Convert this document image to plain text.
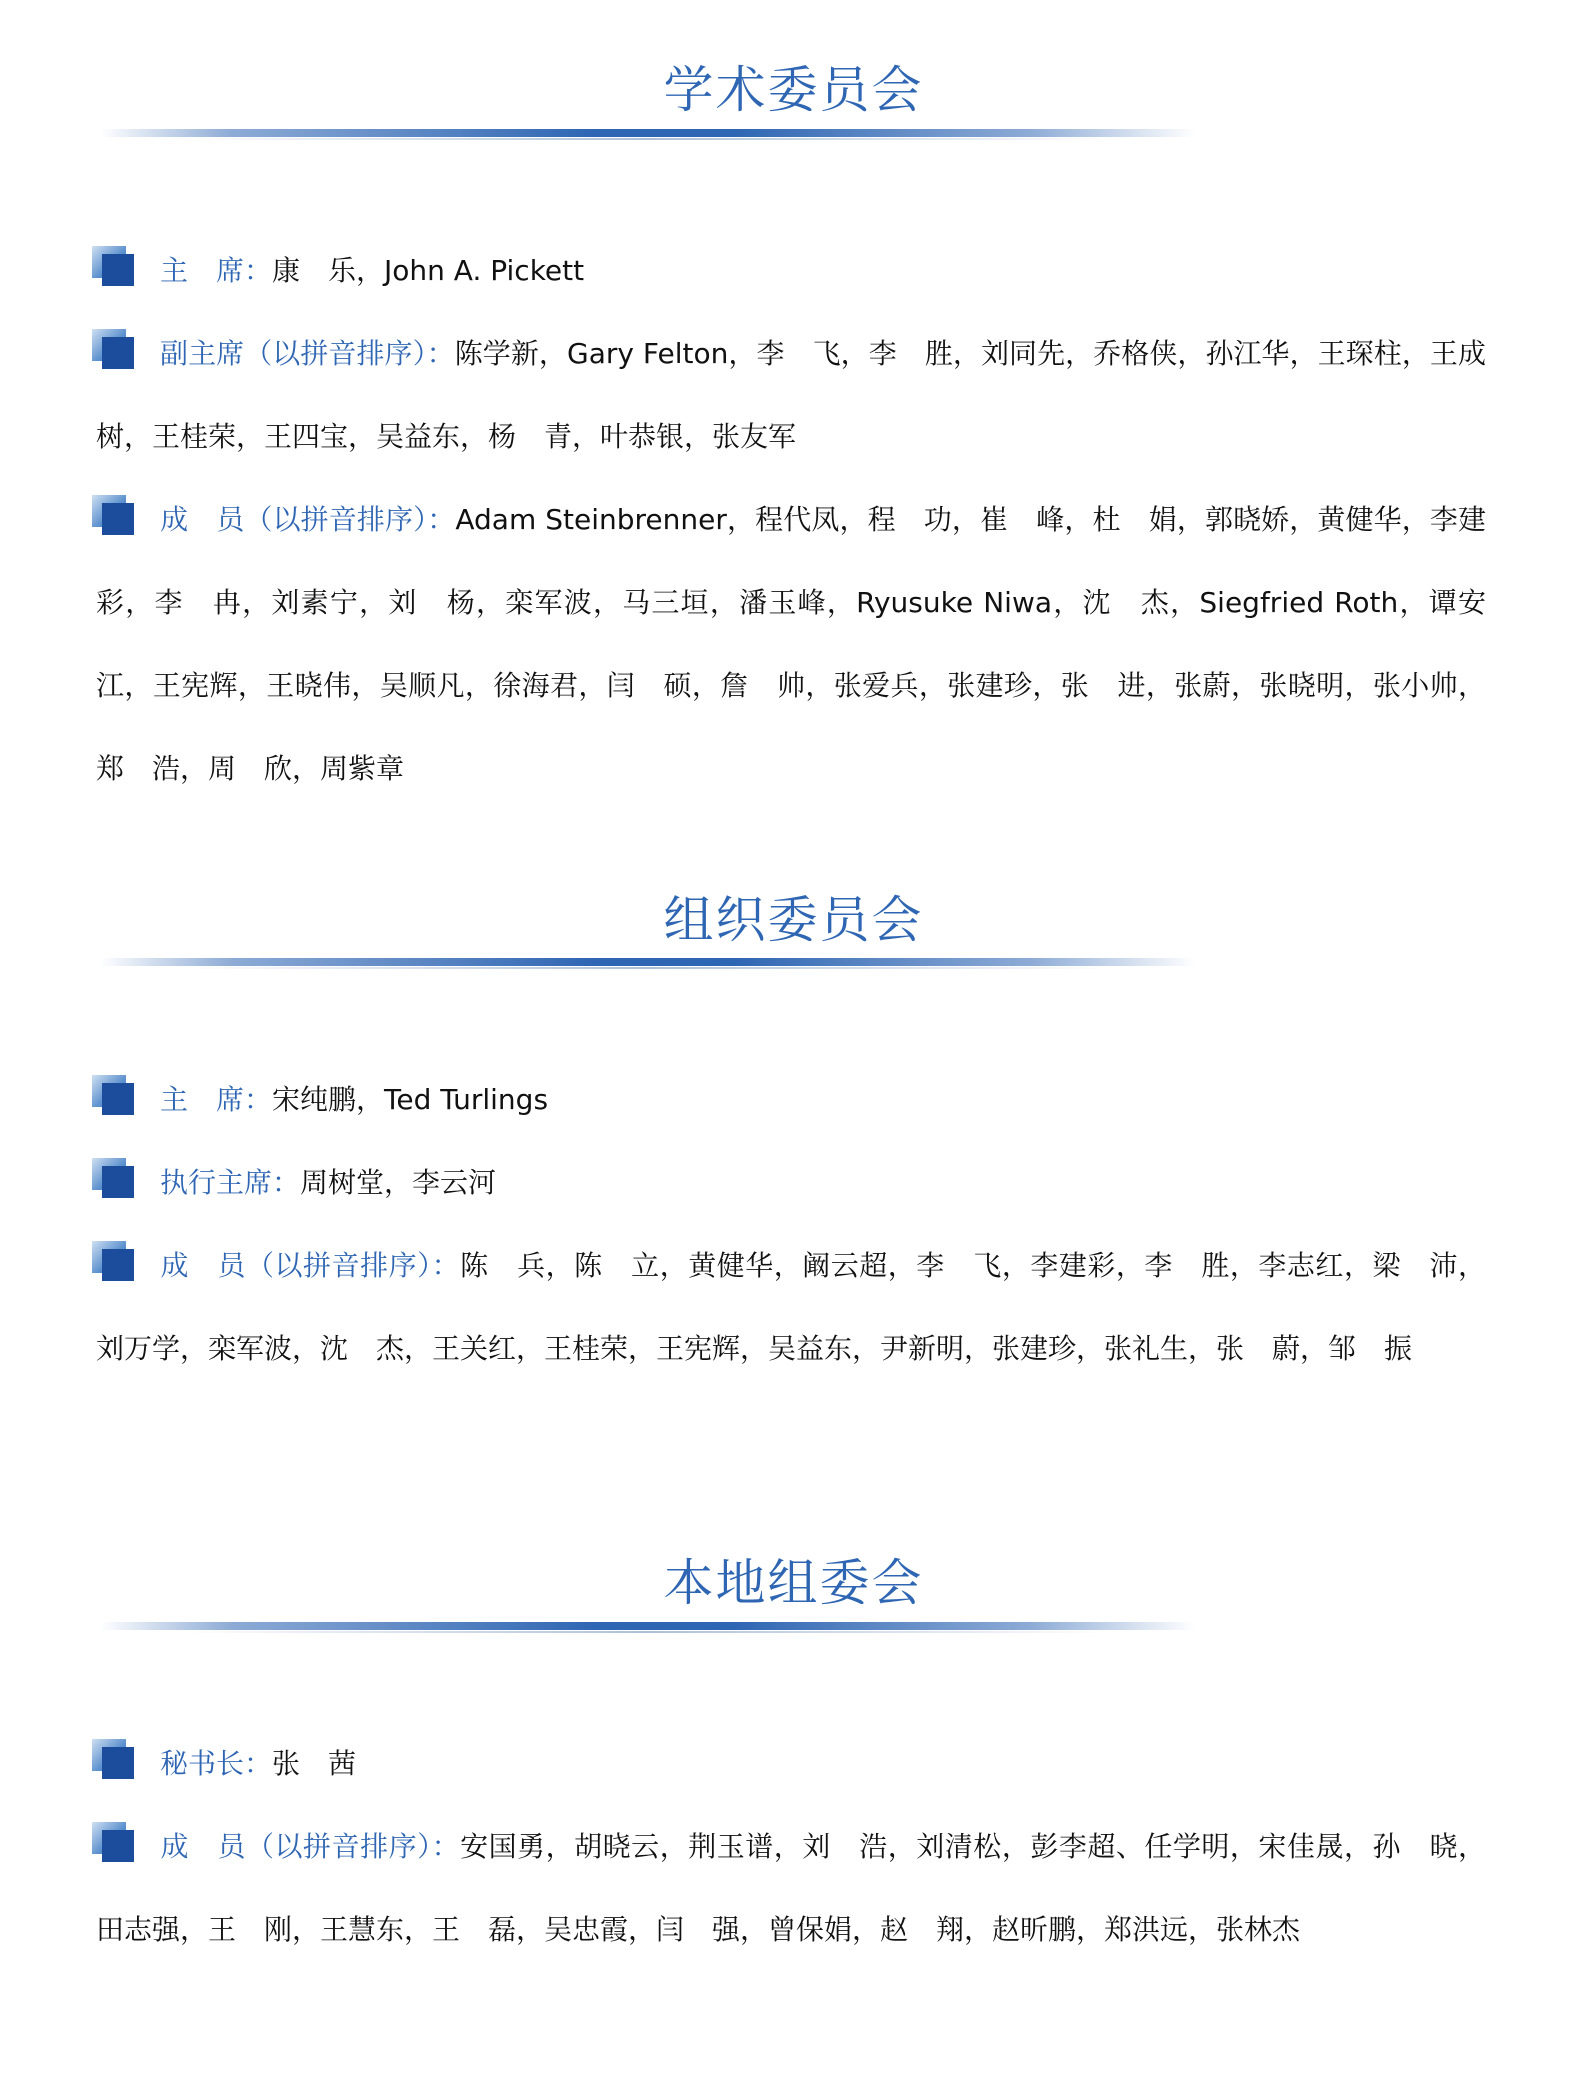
学术委员会
主　席：康　乐，John A. Pickett
副主席（以拼音排序）：陈学新，Gary Felton，李　飞，李　胜，刘同先，乔格侠，孙江华，王琛柱，王成树，王桂荣，王四宝，吴益东，杨　青，叶恭银，张友军
成　员（以拼音排序）：Adam Steinbrenner，程代凤，程　功，崔　峰，杜　娟，郭晓娇，黄健华，李建彩，李　冉，刘素宁，刘　杨，栾军波，马三垣，潘玉峰，Ryusuke Niwa，沈　杰，Siegfried Roth，谭安江，王宪辉，王晓伟，吴顺凡，徐海君，闫　硕，詹　帅，张爱兵，张建珍，张　进，张蔚，张晓明，张小帅，郑　浩，周　欣，周紫章
组织委员会
主　席：宋纯鹏，Ted Turlings
执行主席：周树堂，李云河
成　员（以拼音排序）：陈　兵，陈　立，黄健华，阚云超，李　飞，李建彩，李　胜，李志红，梁　沛，刘万学，栾军波，沈　杰，王关红，王桂荣，王宪辉，吴益东，尹新明，张建珍，张礼生，张　蔚，邹　振
本地组委会
秘书长：张　茜
成　员（以拼音排序）：安国勇，胡晓云，荆玉谱，刘　浩，刘清松，彭李超、任学明，宋佳晟，孙　晓，田志强，王　刚，王慧东，王　磊，吴忠霞，闫　强，曾保娟，赵　翔，赵昕鹏，郑洪远，张林杰
